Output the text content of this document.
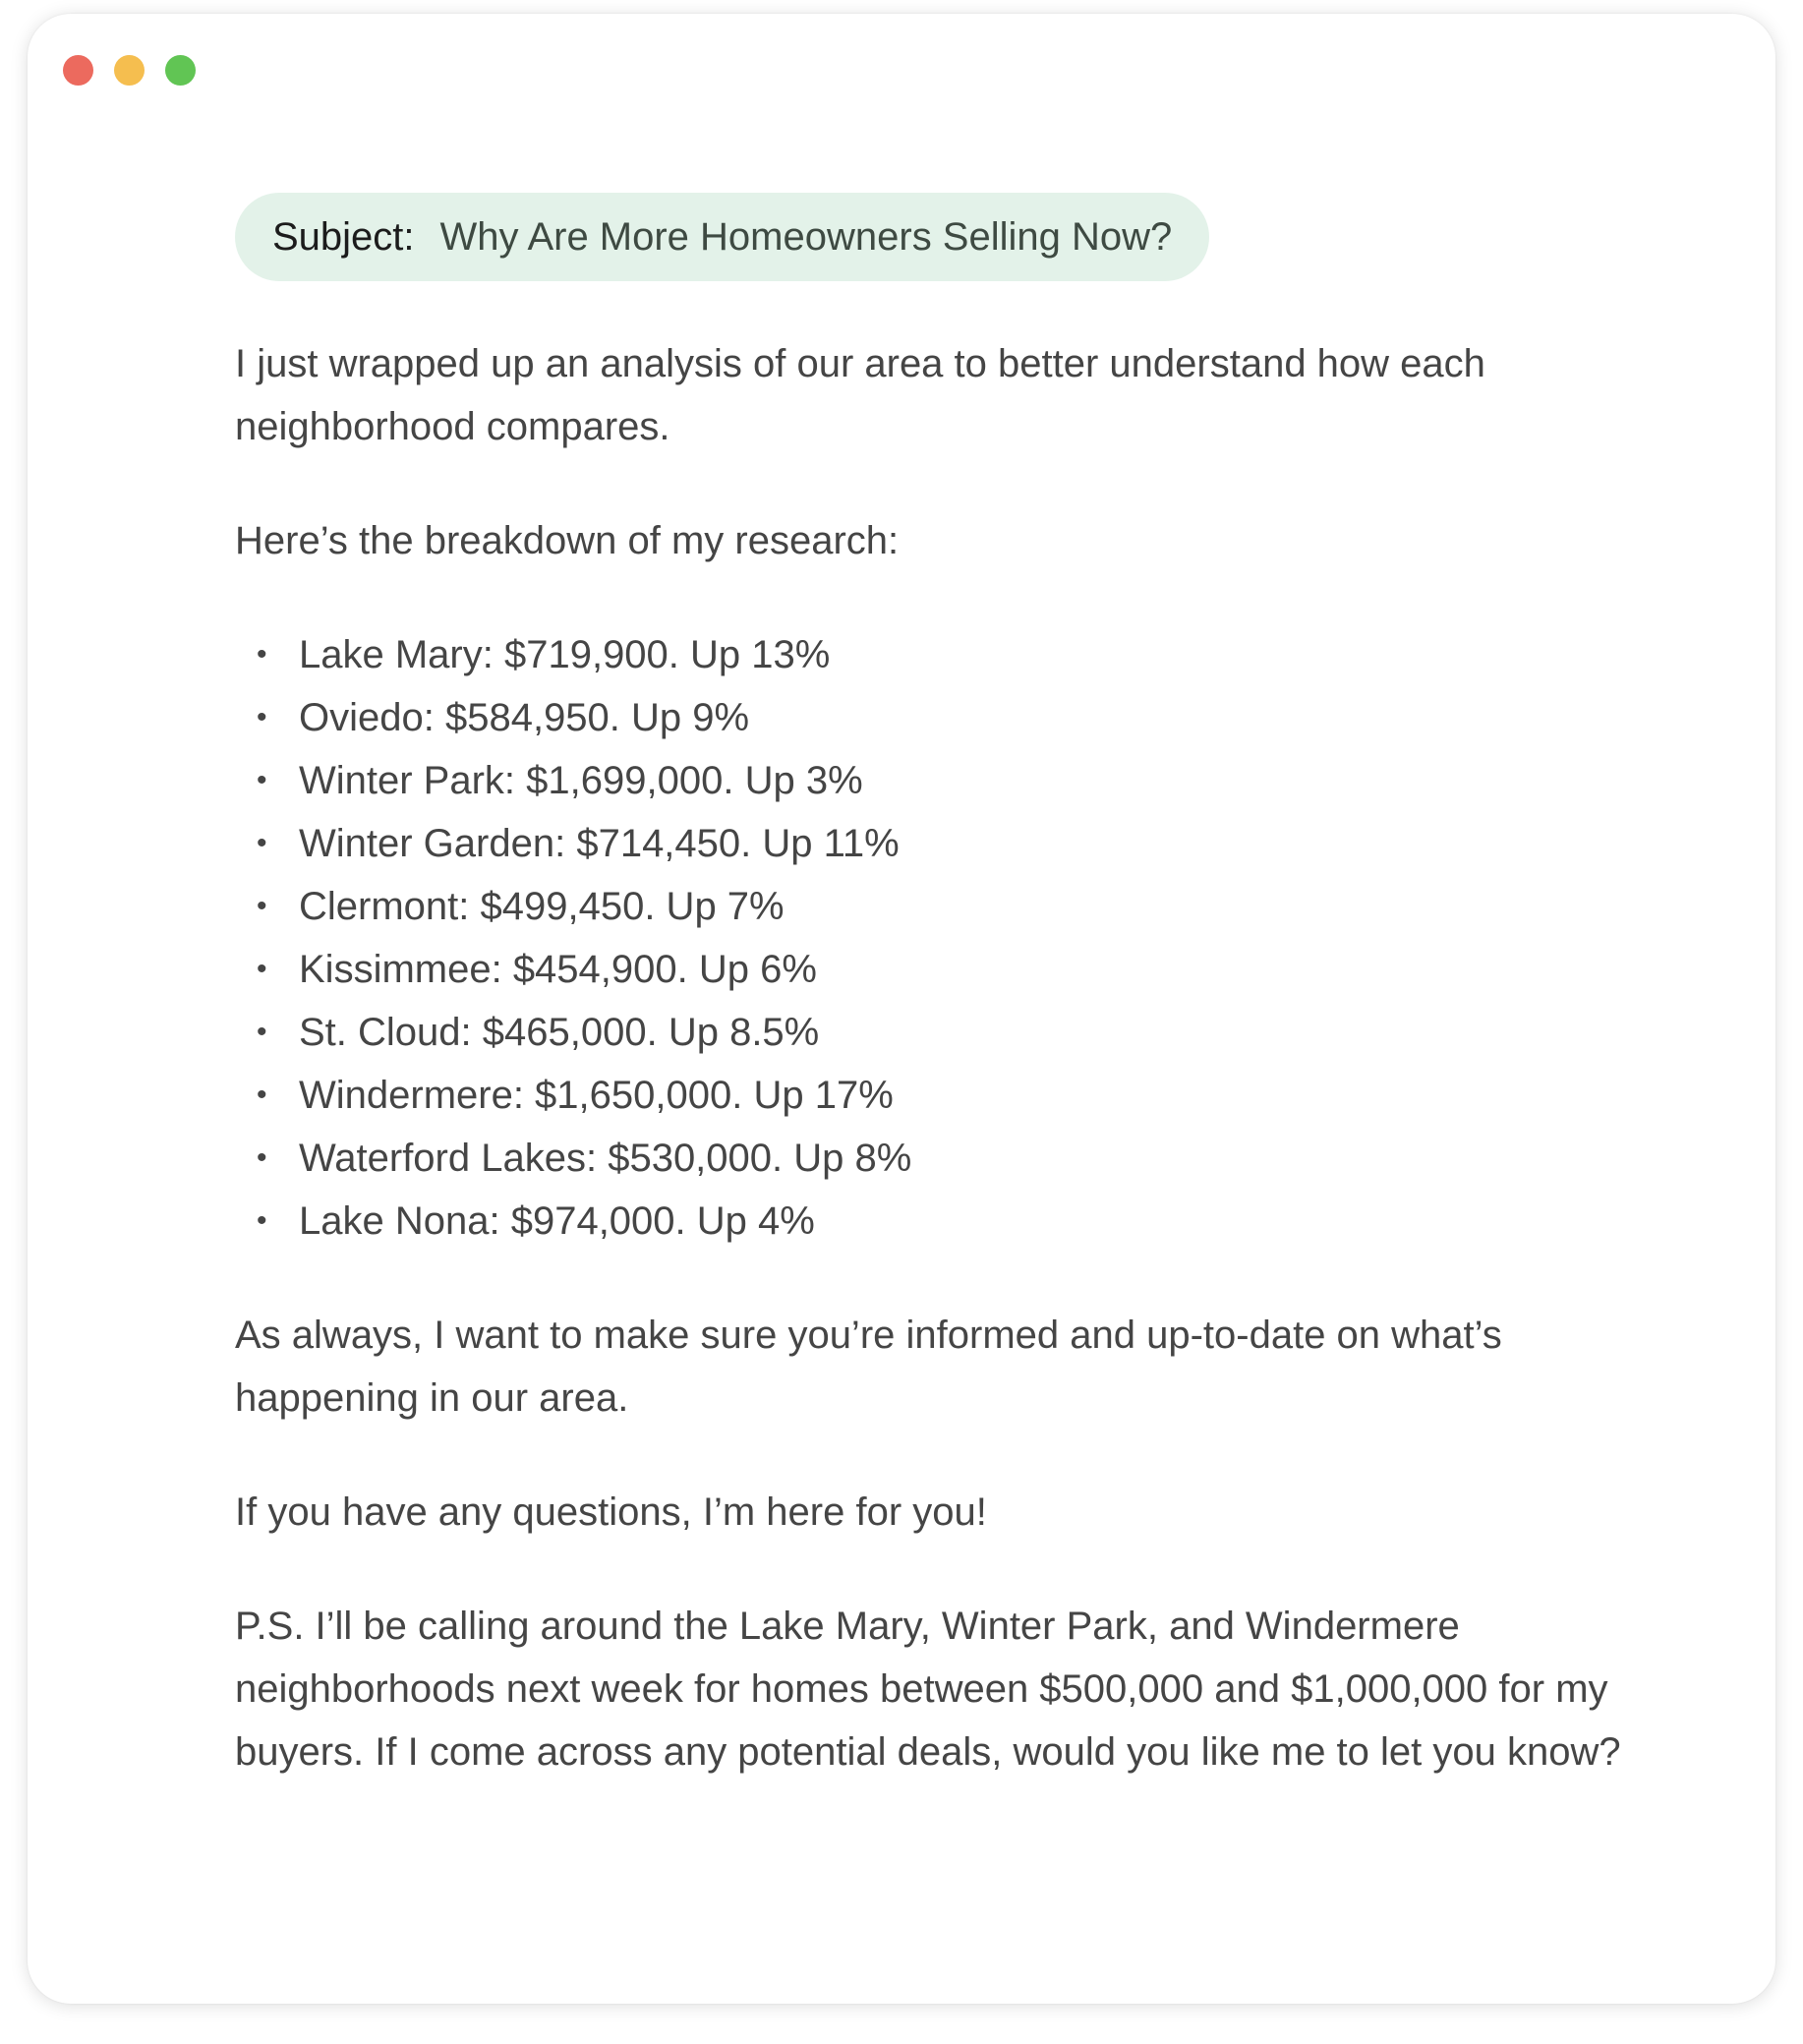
Subject: Why Are More Homeowners Selling Now?

I just wrapped up an analysis of our area to better understand how each neighborhood compares.

Here’s the breakdown of my research:

• Lake Mary: $719,900. Up 13%
• Oviedo: $584,950. Up 9%
• Winter Park: $1,699,000. Up 3%
• Winter Garden: $714,450. Up 11%
• Clermont: $499,450. Up 7%
• Kissimmee: $454,900. Up 6%
• St. Cloud: $465,000. Up 8.5%
• Windermere: $1,650,000. Up 17%
• Waterford Lakes: $530,000. Up 8%
• Lake Nona: $974,000. Up 4%

As always, I want to make sure you’re informed and up-to-date on what’s happening in our area.

If you have any questions, I’m here for you!

P.S. I’ll be calling around the Lake Mary, Winter Park, and Windermere neighborhoods next week for homes between $500,000 and $1,000,000 for my buyers. If I come across any potential deals, would you like me to let you know?
